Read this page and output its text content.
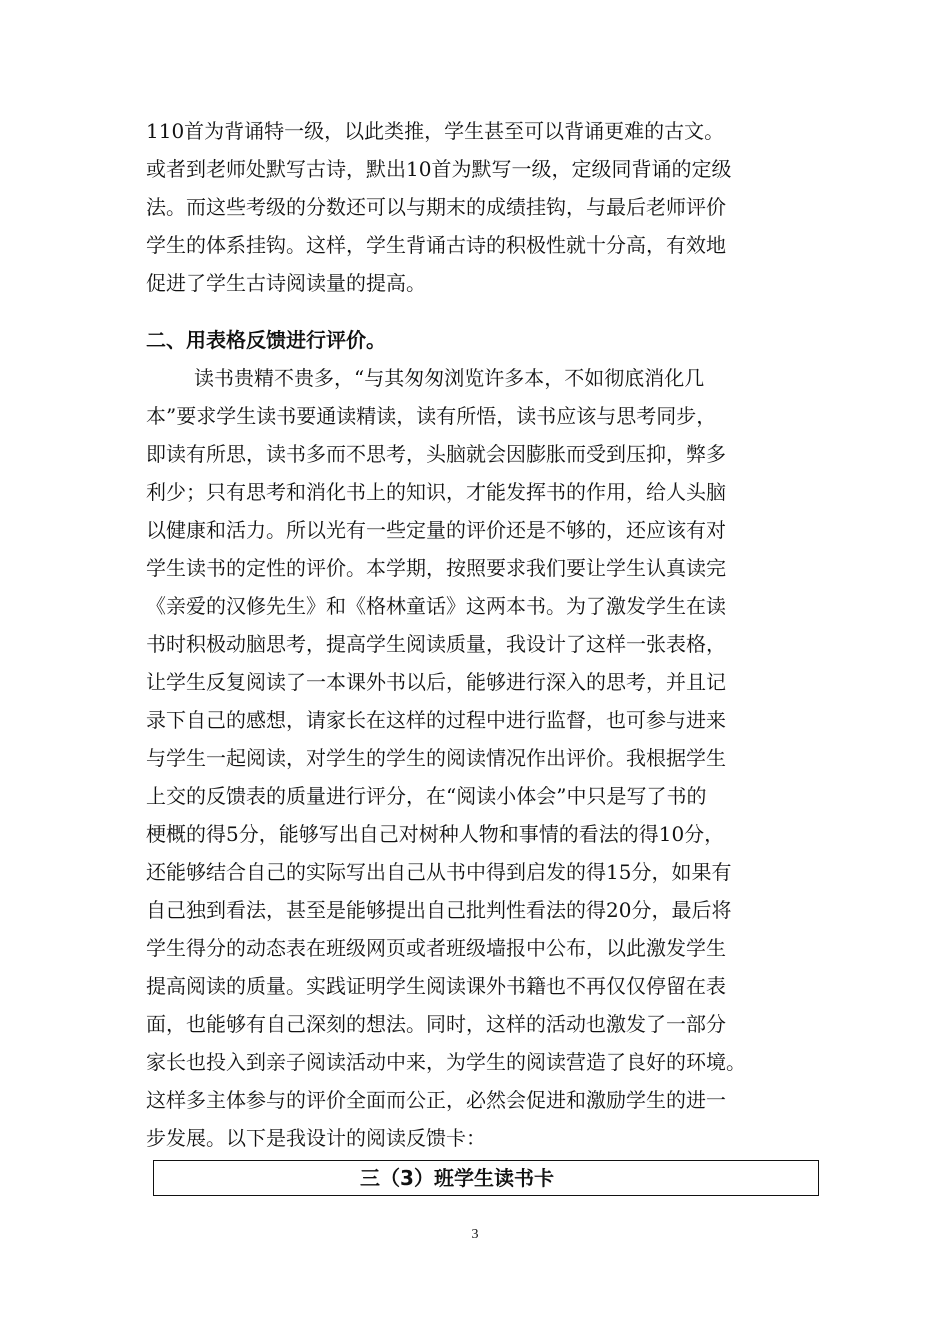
110首为背诵特一级，以此类推，学生甚至可以背诵更难的古文。
或者到老师处默写古诗，默出10首为默写一级，定级同背诵的定级
法。而这些考级的分数还可以与期末的成绩挂钩，与最后老师评价
学生的体系挂钩。这样，学生背诵古诗的积极性就十分高，有效地
促进了学生古诗阅读量的提高。
二、用表格反馈进行评价。
读书贵精不贵多，“与其匆匆浏览许多本，不如彻底消化几
本”要求学生读书要通读精读，读有所悟，读书应该与思考同步，
即读有所思，读书多而不思考，头脑就会因膨胀而受到压抑，弊多
利少；只有思考和消化书上的知识，才能发挥书的作用，给人头脑
以健康和活力。所以光有一些定量的评价还是不够的，还应该有对
学生读书的定性的评价。本学期，按照要求我们要让学生认真读完
《亲爱的汉修先生》和《格林童话》这两本书。为了激发学生在读
书时积极动脑思考，提高学生阅读质量，我设计了这样一张表格，
让学生反复阅读了一本课外书以后，能够进行深入的思考，并且记
录下自己的感想，请家长在这样的过程中进行监督，也可参与进来
与学生一起阅读，对学生的学生的阅读情况作出评价。我根据学生
上交的反馈表的质量进行评分，在“阅读小体会”中只是写了书的
梗概的得5分，能够写出自己对树种人物和事情的看法的得10分，
还能够结合自己的实际写出自己从书中得到启发的得15分，如果有
自己独到看法，甚至是能够提出自己批判性看法的得20分，最后将
学生得分的动态表在班级网页或者班级墙报中公布，以此激发学生
提高阅读的质量。实践证明学生阅读课外书籍也不再仅仅停留在表
面，也能够有自己深刻的想法。同时，这样的活动也激发了一部分
家长也投入到亲子阅读活动中来，为学生的阅读营造了良好的环境。
这样多主体参与的评价全面而公正，必然会促进和激励学生的进一
步发展。以下是我设计的阅读反馈卡：
三（3）班学生读书卡
3
